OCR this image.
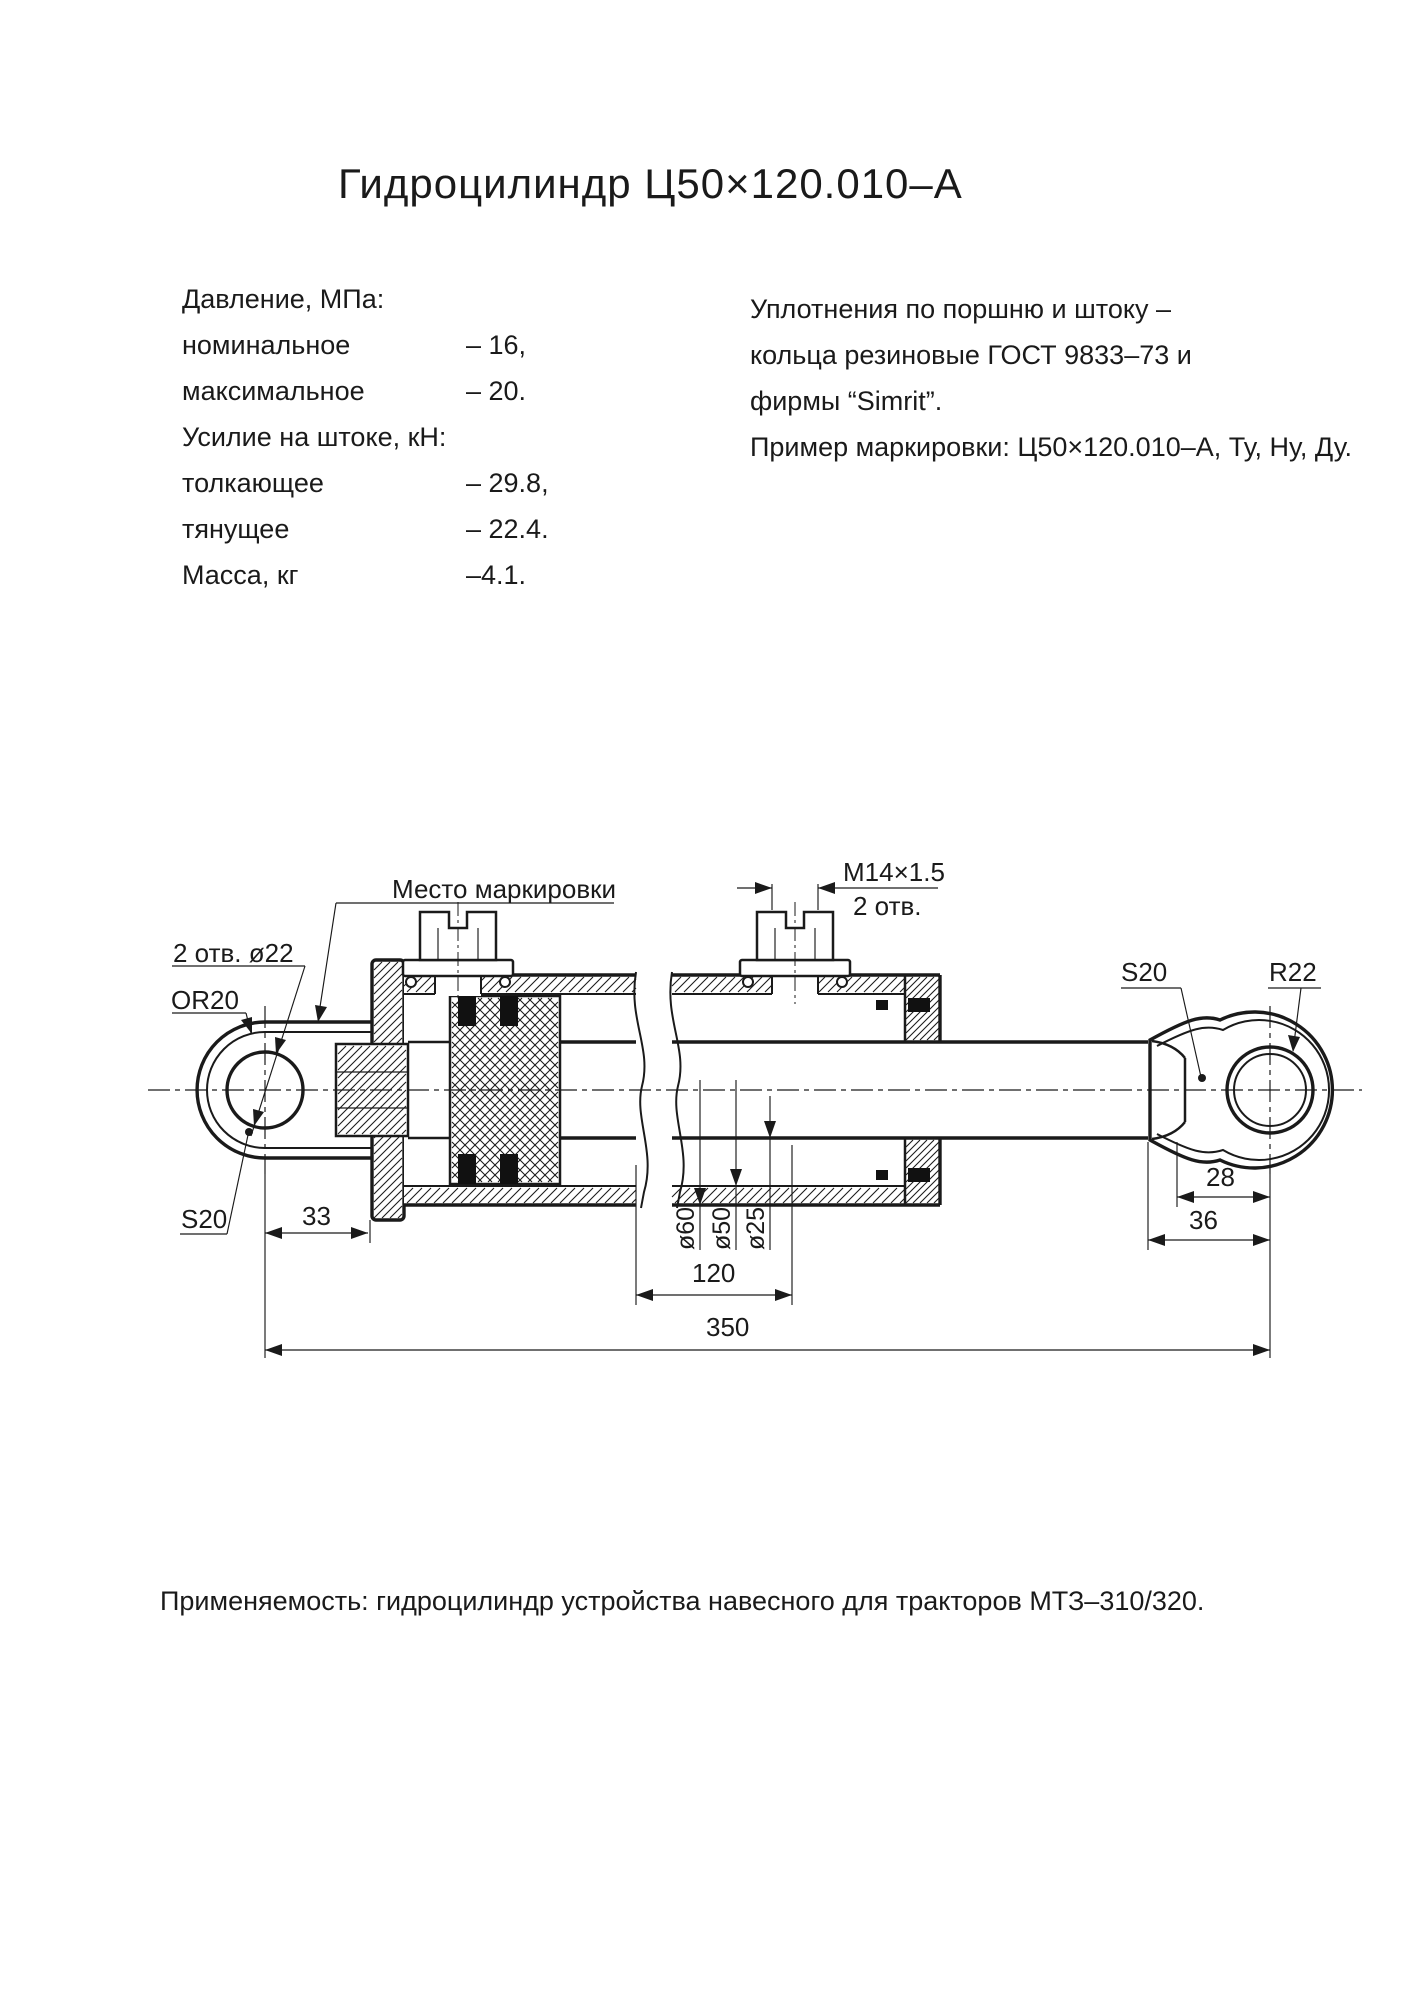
Гидроцилиндр Ц50×120.010–А
Давление, МПа:
номинальное	– 16,
максимальное	– 20.
Усилие на штоке, кН:
толкающее	– 29.8,
тянущее	– 22.4.
Масса, кг	–4.1.
Уплотнения по поршню и штоку –
кольца резиновые ГОСТ 9833–73 и
фирмы “Simrit”.
Пример маркировки: Ц50×120.010–А, Ту, Ну, Ду.
Место маркировки
М14×1.5
2 отв.
2 отв. ø22
OR20
S20
S20	R22
33
28
36
120
350
ø60 ø50 ø25
Применяемость: гидроцилиндр устройства навесного для тракторов МТЗ–310/320.
